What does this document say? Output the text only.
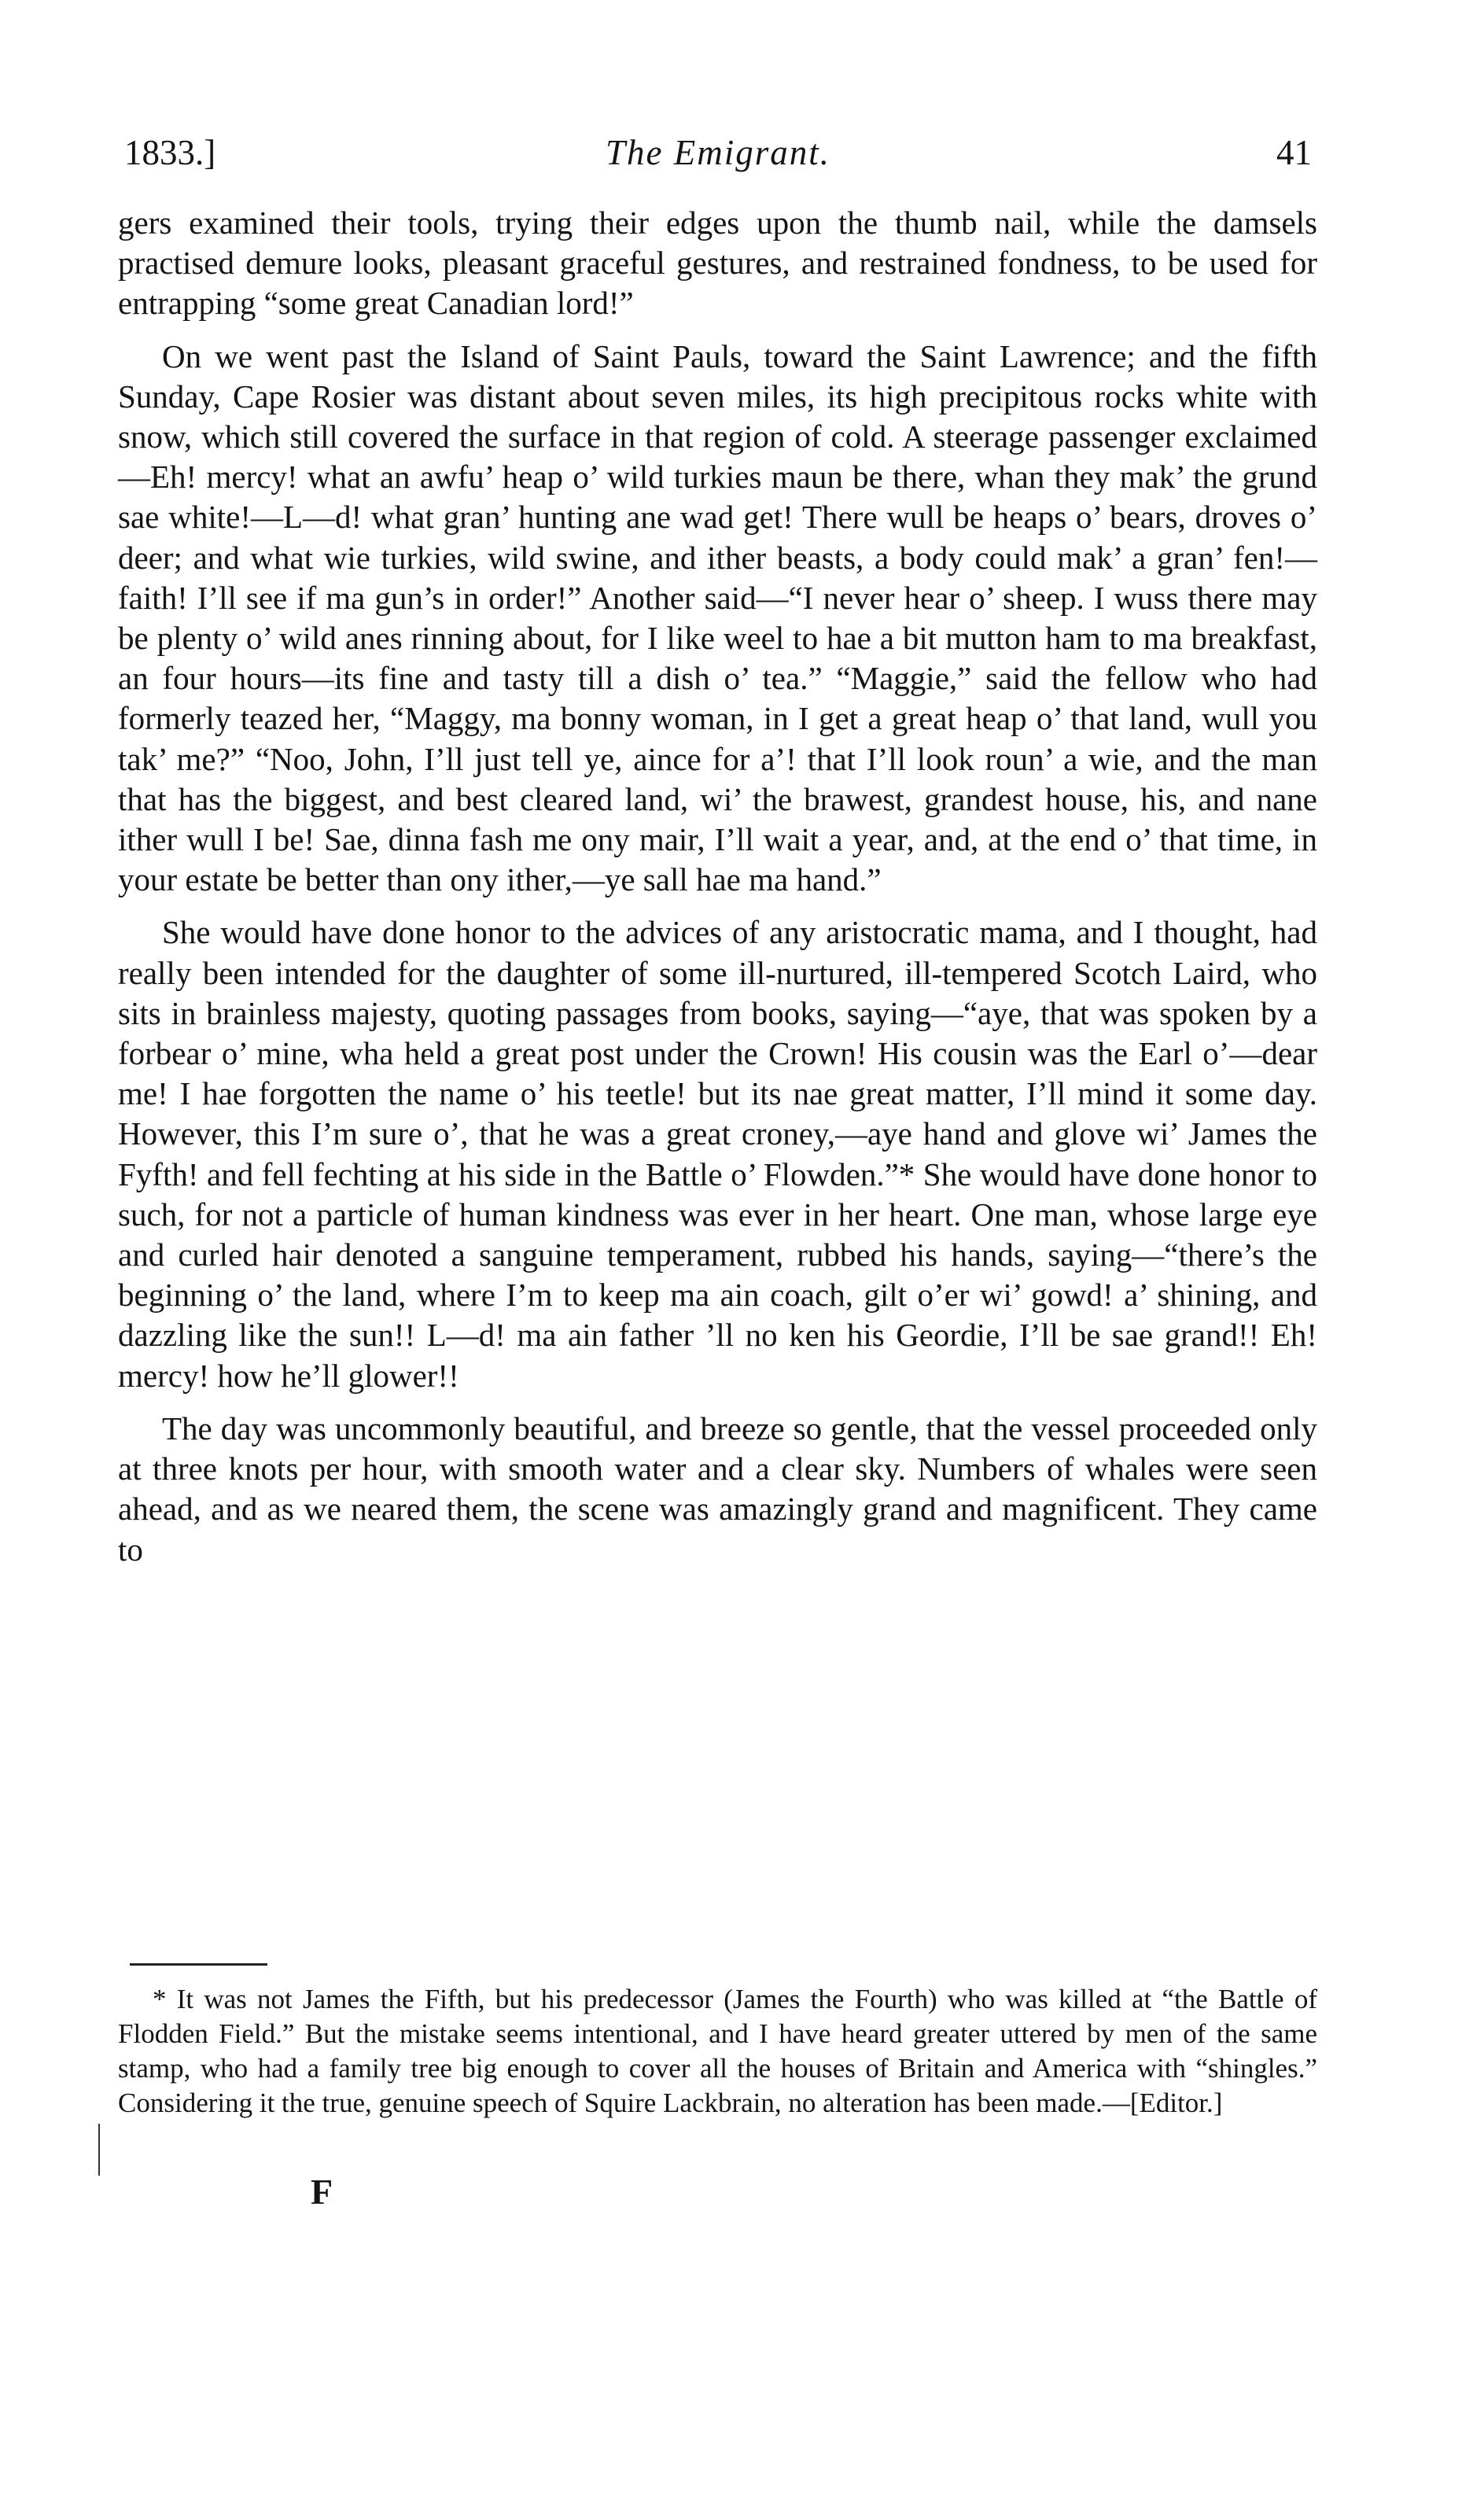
1833.]	The Emigrant.	41

gers examined their tools, trying their edges upon the thumb nail, while the damsels practised demure looks, pleasant graceful gestures, and restrained fondness, to be used for entrapping “some great Canadian lord!”

On we went past the Island of Saint Pauls, toward the Saint Lawrence; and the fifth Sunday, Cape Rosier was distant about seven miles, its high precipitous rocks white with snow, which still covered the surface in that region of cold. A steerage passenger exclaimed—Eh! mercy! what an awfu’ heap o’ wild turkies maun be there, whan they mak’ the grund sae white!—L—d! what gran’ hunting ane wad get! There wull be heaps o’ bears, droves o’ deer; and what wie turkies, wild swine, and ither beasts, a body could mak’ a gran’ fen!—faith! I’ll see if ma gun’s in order!” Another said—“I never hear o’ sheep. I wuss there may be plenty o’ wild anes rinning about, for I like weel to hae a bit mutton ham to ma breakfast, an four hours—its fine and tasty till a dish o’ tea.” “Maggie,” said the fellow who had formerly teazed her, “Maggy, ma bonny woman, in I get a great heap o’ that land, wull you tak’ me?” “Noo, John, I’ll just tell ye, aince for a’! that I’ll look roun’ a wie, and the man that has the biggest, and best cleared land, wi’ the brawest, grandest house, his, and nane ither wull I be! Sae, dinna fash me ony mair, I’ll wait a year, and, at the end o’ that time, in your estate be better than ony ither,—ye sall hae ma hand.”

She would have done honor to the advices of any aristocratic mama, and I thought, had really been intended for the daughter of some ill-nurtured, ill-tempered Scotch Laird, who sits in brainless majesty, quoting passages from books, saying—“aye, that was spoken by a forbear o’ mine, wha held a great post under the Crown! His cousin was the Earl o’—dear me! I hae forgotten the name o’ his teetle! but its nae great matter, I’ll mind it some day. However, this I’m sure o’, that he was a great croney,—aye hand and glove wi’ James the Fyfth! and fell fechting at his side in the Battle o’ Flowden.”* She would have done honor to such, for not a particle of human kindness was ever in her heart. One man, whose large eye and curled hair denoted a sanguine temperament, rubbed his hands, saying—“there’s the beginning o’ the land, where I’m to keep ma ain coach, gilt o’er wi’ gowd! a’ shining, and dazzling like the sun!! L—d! ma ain father ’ll no ken his Geordie, I’ll be sae grand!! Eh! mercy! how he’ll glower!!

The day was uncommonly beautiful, and breeze so gentle, that the vessel proceeded only at three knots per hour, with smooth water and a clear sky. Numbers of whales were seen ahead, and as we neared them, the scene was amazingly grand and magnificent. They came to

* It was not James the Fifth, but his predecessor (James the Fourth) who was killed at “the Battle of Flodden Field.” But the mistake seems intentional, and I have heard greater uttered by men of the same stamp, who had a family tree big enough to cover all the houses of Britain and America with “shingles.” Considering it the true, genuine speech of Squire Lackbrain, no alteration has been made.—[Editor.]

F
